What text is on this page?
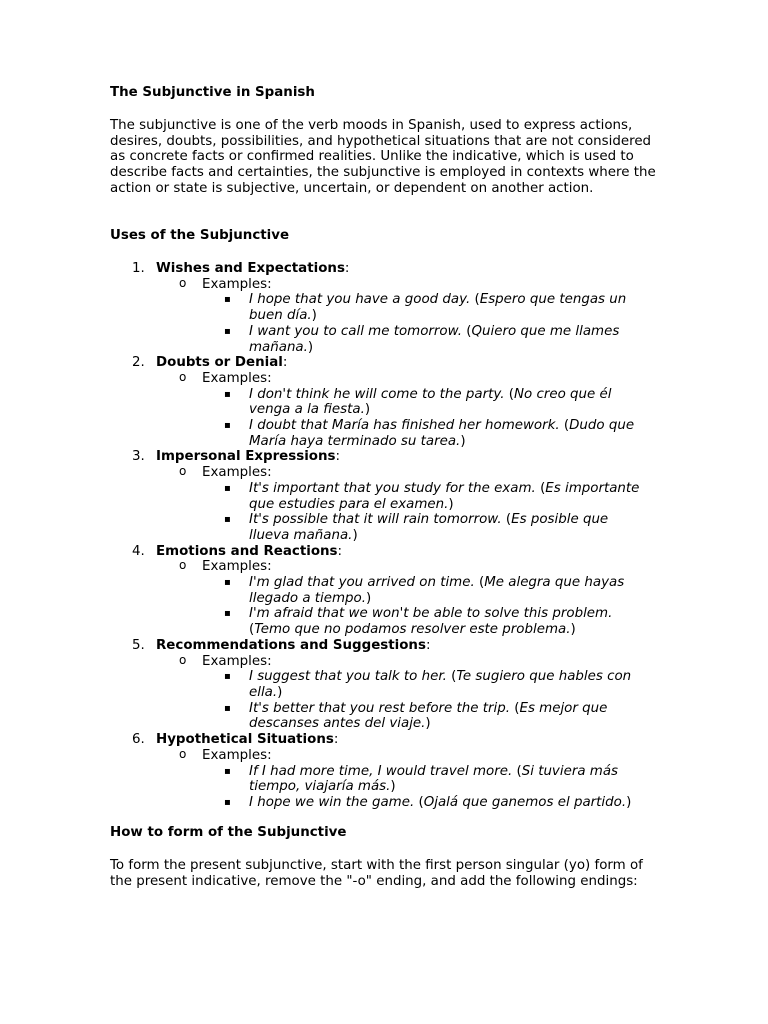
The Subjunctive in Spanish
The subjunctive is one of the verb moods in Spanish, used to express actions, desires, doubts, possibilities, and hypothetical situations that are not considered as concrete facts or confirmed realities. Unlike the indicative, which is used to describe facts and certainties, the subjunctive is employed in contexts where the action or state is subjective, uncertain, or dependent on another action.
Uses of the Subjunctive
1. Wishes and Expectations:
o Examples:
▪ I hope that you have a good day. (Espero que tengas un buen día.)
▪ I want you to call me tomorrow. (Quiero que me llames mañana.)
2. Doubts or Denial:
o Examples:
▪ I don't think he will come to the party. (No creo que él venga a la fiesta.)
▪ I doubt that María has finished her homework. (Dudo que María haya terminado su tarea.)
3. Impersonal Expressions:
o Examples:
▪ It's important that you study for the exam. (Es importante que estudies para el examen.)
▪ It's possible that it will rain tomorrow. (Es posible que llueva mañana.)
4. Emotions and Reactions:
o Examples:
▪ I'm glad that you arrived on time. (Me alegra que hayas llegado a tiempo.)
▪ I'm afraid that we won't be able to solve this problem. (Temo que no podamos resolver este problema.)
5. Recommendations and Suggestions:
o Examples:
▪ I suggest that you talk to her. (Te sugiero que hables con ella.)
▪ It's better that you rest before the trip. (Es mejor que descanses antes del viaje.)
6. Hypothetical Situations:
o Examples:
▪ If I had more time, I would travel more. (Si tuviera más tiempo, viajaría más.)
▪ I hope we win the game. (Ojalá que ganemos el partido.)
How to form of the Subjunctive
To form the present subjunctive, start with the first person singular (yo) form of the present indicative, remove the "-o" ending, and add the following endings:
